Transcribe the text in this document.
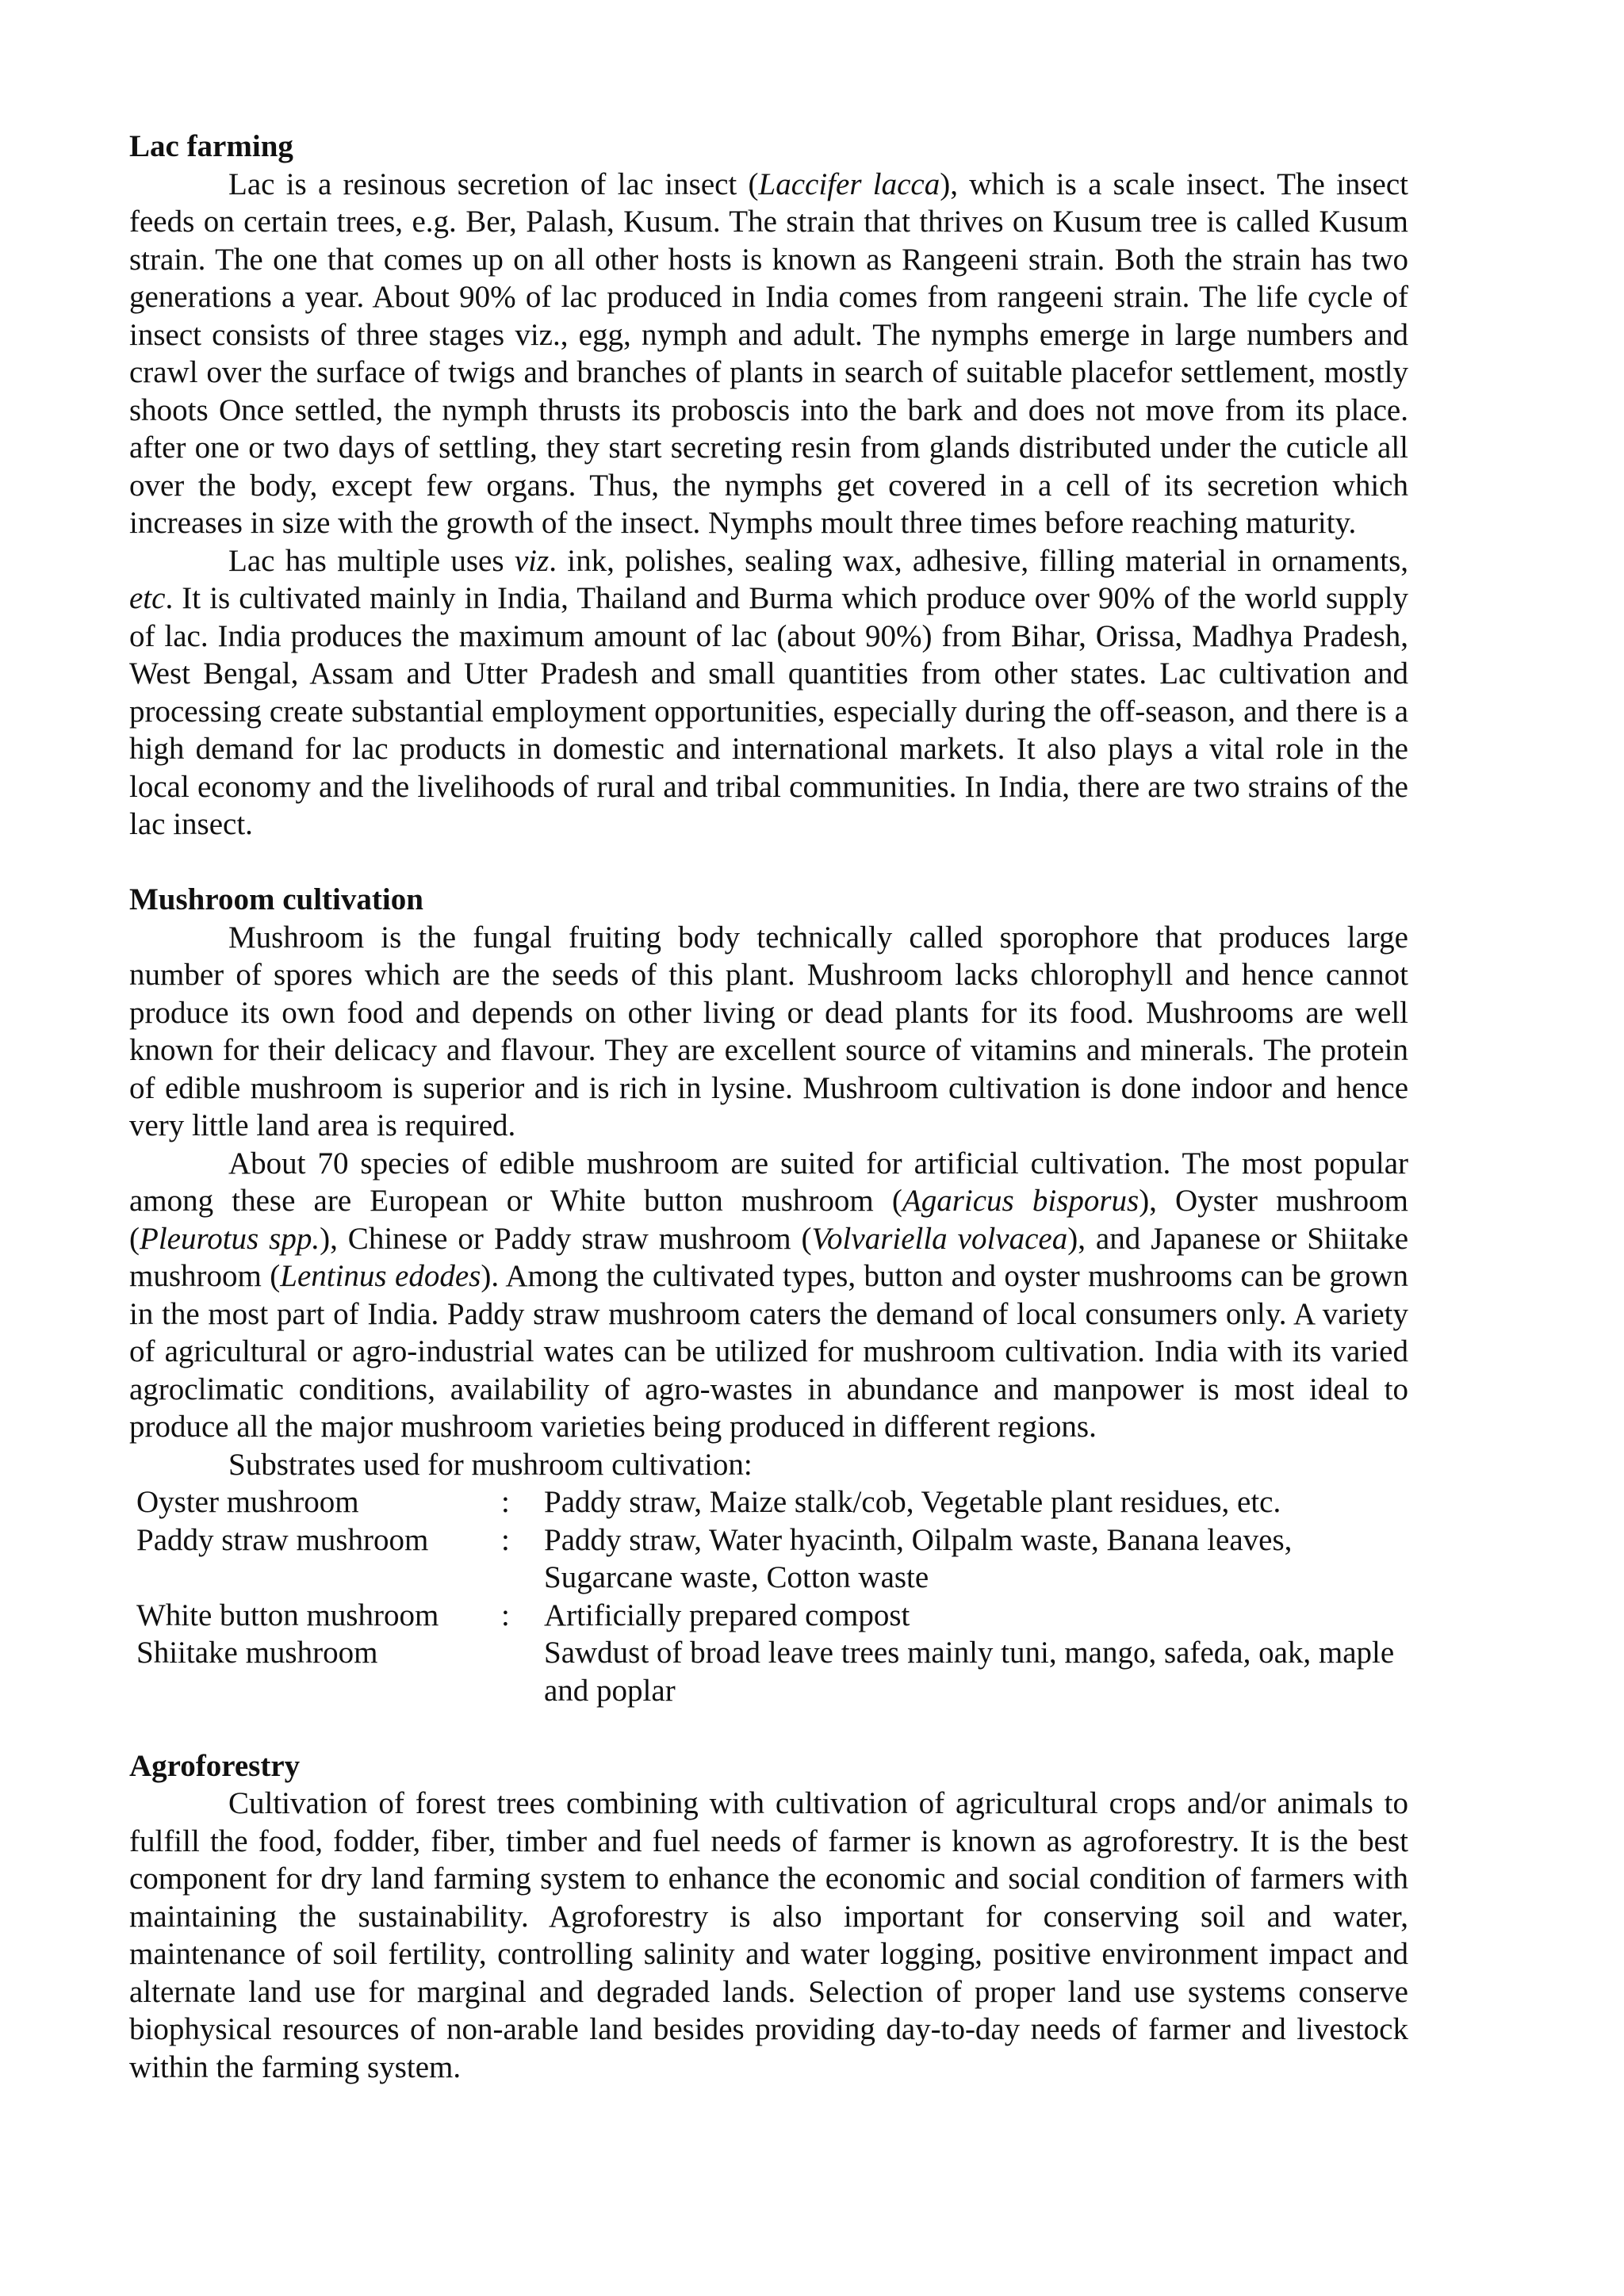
Lac farming

Lac is a resinous secretion of lac insect (Laccifer lacca), which is a scale insect. The insect feeds on certain trees, e.g. Ber, Palash, Kusum. The strain that thrives on Kusum tree is called Kusum strain. The one that comes up on all other hosts is known as Rangeeni strain. Both the strain has two generations a year. About 90% of lac produced in India comes from rangeeni strain. The life cycle of insect consists of three stages viz., egg, nymph and adult. The nymphs emerge in large numbers and crawl over the surface of twigs and branches of plants in search of suitable placefor settlement, mostly shoots Once settled, the nymph thrusts its proboscis into the bark and does not move from its place. after one or two days of settling, they start secreting resin from glands distributed under the cuticle all over the body, except few organs. Thus, the nymphs get covered in a cell of its secretion which increases in size with the growth of the insect. Nymphs moult three times before reaching maturity.

Lac has multiple uses viz. ink, polishes, sealing wax, adhesive, filling material in ornaments, etc. It is cultivated mainly in India, Thailand and Burma which produce over 90% of the world supply of lac. India produces the maximum amount of lac (about 90%) from Bihar, Orissa, Madhya Pradesh, West Bengal, Assam and Utter Pradesh and small quantities from other states. Lac cultivation and processing create substantial employment opportunities, especially during the off-season, and there is a high demand for lac products in domestic and international markets. It also plays a vital role in the local economy and the livelihoods of rural and tribal communities. In India, there are two strains of the lac insect.

Mushroom cultivation

Mushroom is the fungal fruiting body technically called sporophore that produces large number of spores which are the seeds of this plant. Mushroom lacks chlorophyll and hence cannot produce its own food and depends on other living or dead plants for its food. Mushrooms are well known for their delicacy and flavour. They are excellent source of vitamins and minerals. The protein of edible mushroom is superior and is rich in lysine. Mushroom cultivation is done indoor and hence very little land area is required.

About 70 species of edible mushroom are suited for artificial cultivation. The most popular among these are European or White button mushroom (Agaricus bisporus), Oyster mushroom (Pleurotus spp.), Chinese or Paddy straw mushroom (Volvariella volvacea), and Japanese or Shiitake mushroom (Lentinus edodes). Among the cultivated types, button and oyster mushrooms can be grown in the most part of India. Paddy straw mushroom caters the demand of local consumers only. A variety of agricultural or agro-industrial wates can be utilized for mushroom cultivation. India with its varied agroclimatic conditions, availability of agro-wastes in abundance and manpower is most ideal to produce all the major mushroom varieties being produced in different regions.

Substrates used for mushroom cultivation:

Oyster mushroom	:	Paddy straw, Maize stalk/cob, Vegetable plant residues, etc.
Paddy straw mushroom	:	Paddy straw, Water hyacinth, Oilpalm waste, Banana leaves, Sugarcane waste, Cotton waste
White button mushroom	:	Artificially prepared compost
Shiitake mushroom		Sawdust of broad leave trees mainly tuni, mango, safeda, oak, maple and poplar

Agroforestry

Cultivation of forest trees combining with cultivation of agricultural crops and/or animals to fulfill the food, fodder, fiber, timber and fuel needs of farmer is known as agroforestry. It is the best component for dry land farming system to enhance the economic and social condition of farmers with maintaining the sustainability. Agroforestry is also important for conserving soil and water, maintenance of soil fertility, controlling salinity and water logging, positive environment impact and alternate land use for marginal and degraded lands. Selection of proper land use systems conserve biophysical resources of non-arable land besides providing day-to-day needs of farmer and livestock within the farming system.
